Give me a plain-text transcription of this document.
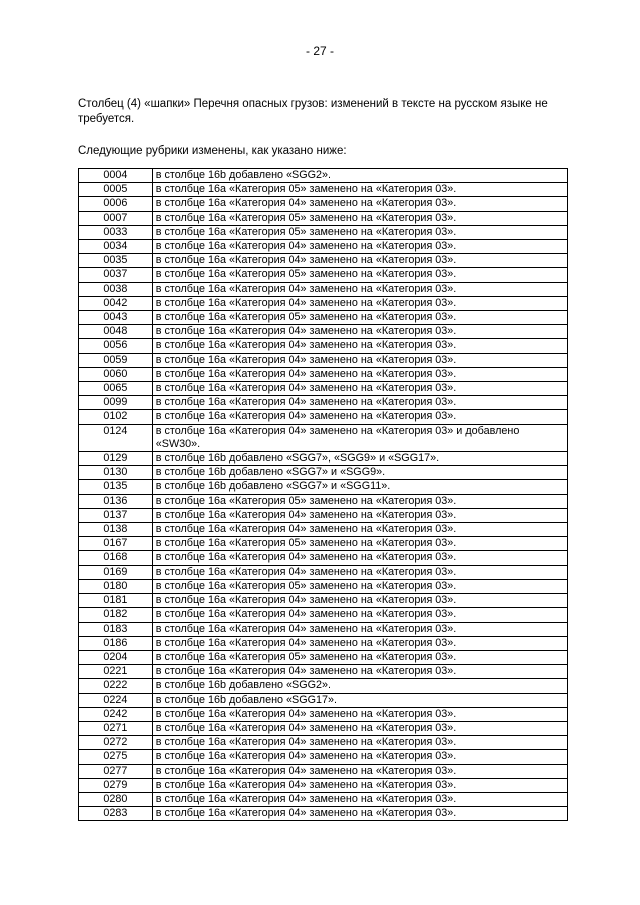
- 27 -

Столбец (4) «шапки» Перечня опасных грузов: изменений в тексте на русском языке не требуется.

Следующие рубрики изменены, как указано ниже:

0004	в столбце 16b добавлено «SGG2».
0005	в столбце 16а «Категория 05» заменено на «Категория 03».
0006	в столбце 16а «Категория 04» заменено на «Категория 03».
0007	в столбце 16а «Категория 05» заменено на «Категория 03».
0033	в столбце 16а «Категория 05» заменено на «Категория 03».
0034	в столбце 16а «Категория 04» заменено на «Категория 03».
0035	в столбце 16а «Категория 04» заменено на «Категория 03».
0037	в столбце 16а «Категория 05» заменено на «Категория 03».
0038	в столбце 16а «Категория 04» заменено на «Категория 03».
0042	в столбце 16а «Категория 04» заменено на «Категория 03».
0043	в столбце 16а «Категория 05» заменено на «Категория 03».
0048	в столбце 16а «Категория 04» заменено на «Категория 03».
0056	в столбце 16а «Категория 04» заменено на «Категория 03».
0059	в столбце 16а «Категория 04» заменено на «Категория 03».
0060	в столбце 16а «Категория 04» заменено на «Категория 03».
0065	в столбце 16а «Категория 04» заменено на «Категория 03».
0099	в столбце 16а «Категория 04» заменено на «Категория 03».
0102	в столбце 16а «Категория 04» заменено на «Категория 03».
0124	в столбце 16а «Категория 04» заменено на «Категория 03» и добавлено «SW30».
0129	в столбце 16b добавлено «SGG7», «SGG9» и «SGG17».
0130	в столбце 16b добавлено «SGG7» и «SGG9».
0135	в столбце 16b добавлено «SGG7» и «SGG11».
0136	в столбце 16а «Категория 05» заменено на «Категория 03».
0137	в столбце 16а «Категория 04» заменено на «Категория 03».
0138	в столбце 16а «Категория 04» заменено на «Категория 03».
0167	в столбце 16а «Категория 05» заменено на «Категория 03».
0168	в столбце 16а «Категория 04» заменено на «Категория 03».
0169	в столбце 16а «Категория 04» заменено на «Категория 03».
0180	в столбце 16а «Категория 05» заменено на «Категория 03».
0181	в столбце 16а «Категория 04» заменено на «Категория 03».
0182	в столбце 16а «Категория 04» заменено на «Категория 03».
0183	в столбце 16а «Категория 04» заменено на «Категория 03».
0186	в столбце 16а «Категория 04» заменено на «Категория 03».
0204	в столбце 16а «Категория 05» заменено на «Категория 03».
0221	в столбце 16а «Категория 04» заменено на «Категория 03».
0222	в столбце 16b добавлено «SGG2».
0224	в столбце 16b добавлено «SGG17».
0242	в столбце 16а «Категория 04» заменено на «Категория 03».
0271	в столбце 16а «Категория 04» заменено на «Категория 03».
0272	в столбце 16а «Категория 04» заменено на «Категория 03».
0275	в столбце 16а «Категория 04» заменено на «Категория 03».
0277	в столбце 16а «Категория 04» заменено на «Категория 03».
0279	в столбце 16а «Категория 04» заменено на «Категория 03».
0280	в столбце 16а «Категория 04» заменено на «Категория 03».
0283	в столбце 16а «Категория 04» заменено на «Категория 03».
